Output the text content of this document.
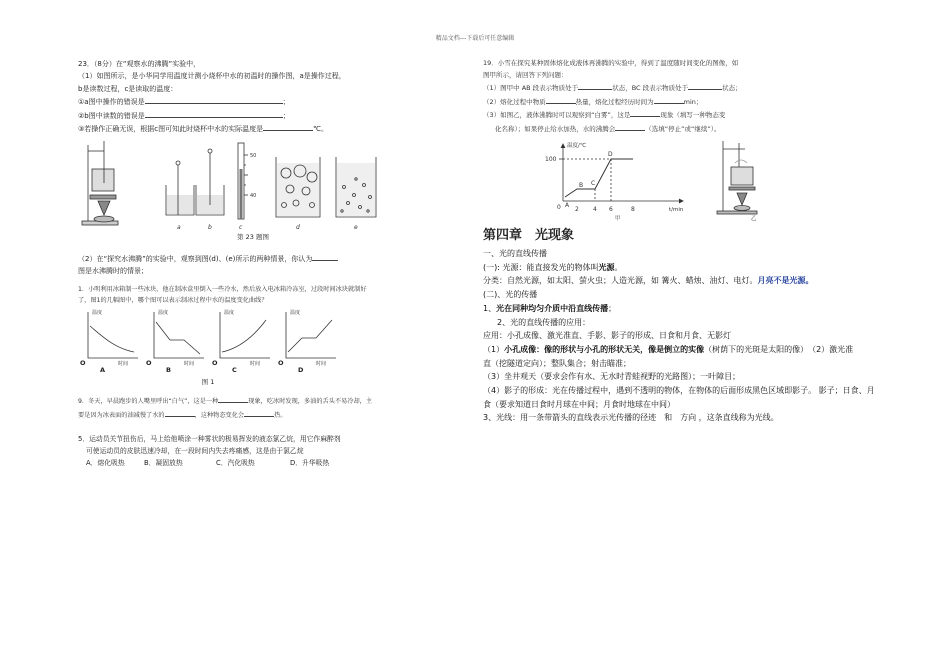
精品文档---下载后可任意编辑
23．（8分）在“观察水的沸腾”实验中，
（1）如图所示，是小华同学用温度计测小烧杯中水的初温时的操作图，a是操作过程，
b是读数过程，c是读取的温度：
①a图中操作的错误是	；
②b图中读数的错误是	；
③若操作正确无误，根据c图可知此时烧杯中水的实际温度是	℃。
50
40
a	b	c	d	e
第 23 题图
（2）在“探究水沸腾”的实验中，观察到图(d)、(e)所示的两种情景，你认为
图是水沸腾时的情景；
1．小明利用冰箱制一些冰块，他在制冰盒里倒入一些冷水，然后放入电冰箱冷冻室，过段时间冰块就制好
了，图1的几幅图中，哪个图可以表示制冰过程中水的温度变化曲线？
温度	温度	温度	温度
时间	时间	时间	时间
O	O	O	O
A	B	C	D
图 1
9．冬天，早晨跑步的人嘴里呼出“白气”，这是一种	现象，吃冰时发现，多油的舌头不易冷却，主
要是因为冰表面的油减慢了水的	，这种物态变化会	热。
5．运动员关节扭伤后，马上给他喷涂一种雾状的极易挥发的液态氯乙烷，用它作麻醉剂
可使运动员的皮肤迅速冷却，在一段时间内失去疼痛感，这是由于氯乙烷
A．熔化吸热	B．凝固放热	C．汽化吸热	D．升华吸热
19．小雪在探究某种固体熔化成液体再沸腾的实验中，得到了温度随时间变化的图像，如
图甲所示，请回答下列问题：
（1）图甲中 AB 段表示物质处于	状态，BC 段表示物质处于	状态；
（2）熔化过程中物质	热量，熔化过程经历时间为	min；
（3）如图乙，液体沸腾时可以观察到“白雾”，这是	现象（填写一种物态变
化名称）；如果停止给水加热，水的沸腾会	（选填“停止”或“继续”）。
温度/℃
t/min
100
0 2 4 6	8
A
B C
D
甲	乙
第四章　光现象
一、光的直线传播
(一): 光源：能直接发光的物体叫光源。
分类：自然光源，如太阳、萤火虫；人造光源，如 篝火、蜡烛、油灯、电灯。月亮不是光源。
(二)、光的传播
1、光在同种均匀介质中沿直线传播；
2、光的直线传播的应用：
应用：小孔成像、激光准直、手影、影子的形成、日食和月食、无影灯
（1）小孔成像：像的形状与小孔的形状无关，像是倒立的实像（树荫下的光斑是太阳的像）　（2）激光准
直（挖隧道定向）；整队集合；射击瞄准；
（3）坐井观天（要求会作有水、无水时青蛙视野的光路图）；一叶障目；
（4）影子的形成：光在传播过程中，遇到不透明的物体，在物体的后面形成黑色区域即影子。 影子；日食、月
食（要求知道日食时月球在中间；月食时地球在中间）
3、光线：用一条带箭头的直线表示光传播的径迹　和　方向 ，这条直线称为光线。
